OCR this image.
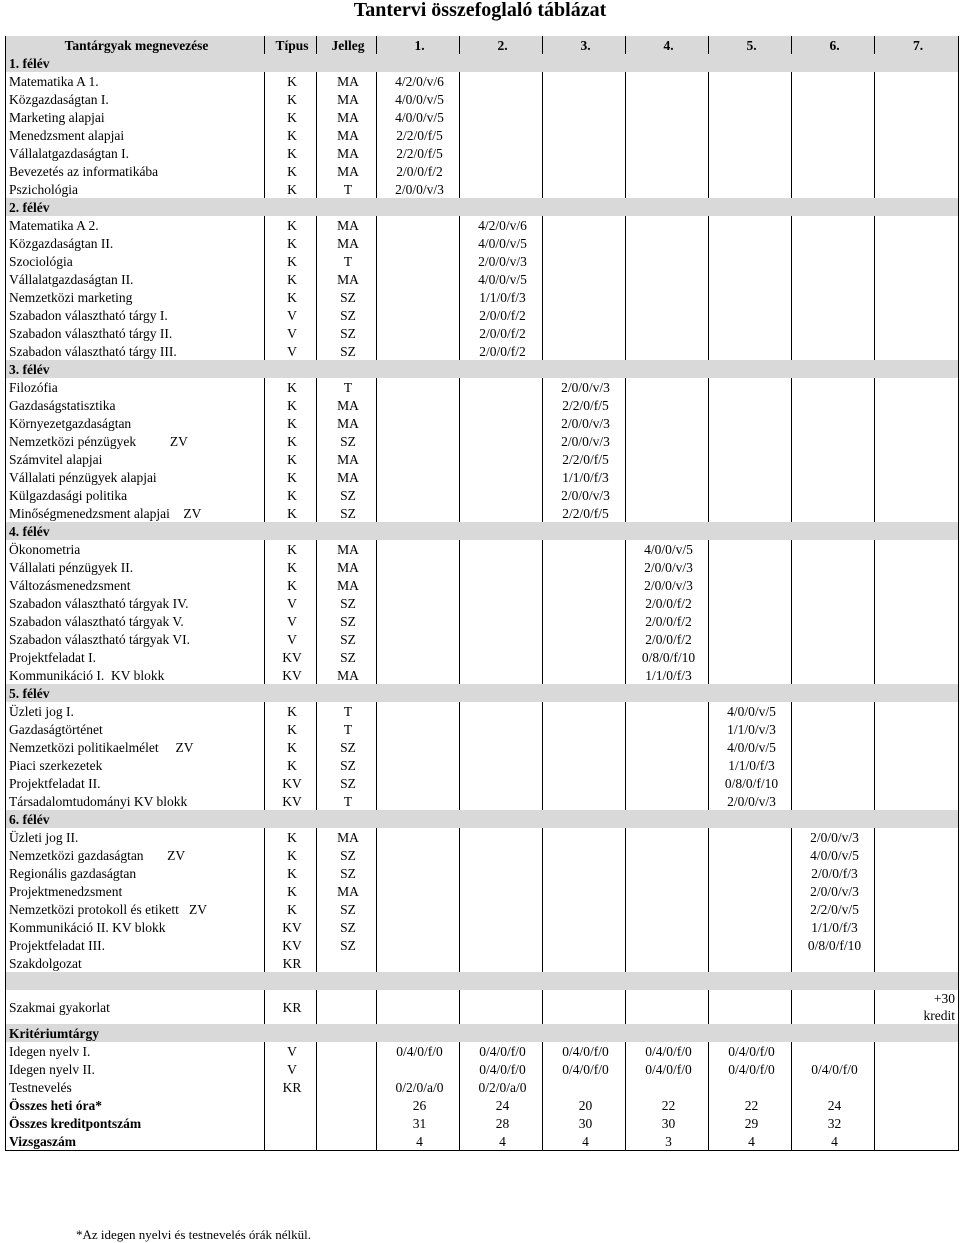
Tantervi összefoglaló táblázat
Tantárgyak megnevezése	Típus	Jelleg	1.	2.	3.	4.	5.	6.	7.
1. félév									
Matematika A 1.	K	MA	4/2/0/v/6						
Közgazdaságtan I.	K	MA	4/0/0/v/5						
Marketing alapjai	K	MA	4/0/0/v/5						
Menedzsment alapjai	K	MA	2/2/0/f/5						
Vállalatgazdaságtan I.	K	MA	2/2/0/f/5						
Bevezetés az informatikába	K	MA	2/0/0/f/2						
Pszichológia	K	T	2/0/0/v/3						
2. félév									
Matematika A 2.	K	MA		4/2/0/v/6					
Közgazdaságtan II.	K	MA		4/0/0/v/5					
Szociológia	K	T		2/0/0/v/3					
Vállalatgazdaságtan II.	K	MA		4/0/0/v/5					
Nemzetközi marketing	K	SZ		1/1/0/f/3					
Szabadon választható tárgy I.	V	SZ		2/0/0/f/2					
Szabadon választható tárgy II.	V	SZ		2/0/0/f/2					
Szabadon választható tárgy III.	V	SZ		2/0/0/f/2					
3. félév									
Filozófia	K	T			2/0/0/v/3				
Gazdaságstatisztika	K	MA			2/2/0/f/5				
Környezetgazdaságtan	K	MA			2/0/0/v/3				
Nemzetközi pénzügyek          ZV	K	SZ			2/0/0/v/3				
Számvitel alapjai	K	MA			2/2/0/f/5				
Vállalati pénzügyek alapjai	K	MA			1/1/0/f/3				
Külgazdasági politika	K	SZ			2/0/0/v/3				
Minőségmenedzsment alapjai    ZV	K	SZ			2/2/0/f/5				
4. félév									
Ökonometria	K	MA				4/0/0/v/5			
Vállalati pénzügyek II.	K	MA				2/0/0/v/3			
Változásmenedzsment	K	MA				2/0/0/v/3			
Szabadon választható tárgyak IV.	V	SZ				2/0/0/f/2			
Szabadon választható tárgyak V.	V	SZ				2/0/0/f/2			
Szabadon választható tárgyak VI.	V	SZ				2/0/0/f/2			
Projektfeladat I.	KV	SZ				0/8/0/f/10			
Kommunikáció I.  KV blokk	KV	MA				1/1/0/f/3			
5. félév									
Üzleti jog I.	K	T					4/0/0/v/5		
Gazdaságtörténet	K	T					1/1/0/v/3		
Nemzetközi politikaelmélet     ZV	K	SZ					4/0/0/v/5		
Piaci szerkezetek	K	SZ					1/1/0/f/3		
Projektfeladat II.	KV	SZ					0/8/0/f/10		
Társadalomtudományi KV blokk	KV	T					2/0/0/v/3		
6. félév									
Üzleti jog II.	K	MA						2/0/0/v/3	
Nemzetközi gazdaságtan       ZV	K	SZ						4/0/0/v/5	
Regionális gazdaságtan	K	SZ						2/0/0/f/3	
Projektmenedzsment	K	MA						2/0/0/v/3	
Nemzetközi protokoll és etikett   ZV	K	SZ						2/2/0/v/5	
Kommunikáció II. KV blokk	KV	SZ						1/1/0/f/3	
Projektfeladat III.	KV	SZ						0/8/0/f/10	
Szakdolgozat	KR								

Szakmai gyakorlat	KR								+30 kredit
Kritériumtárgy									
Idegen nyelv I.	V		0/4/0/f/0	0/4/0/f/0	0/4/0/f/0	0/4/0/f/0	0/4/0/f/0		
Idegen nyelv II.	V			0/4/0/f/0	0/4/0/f/0	0/4/0/f/0	0/4/0/f/0	0/4/0/f/0	
Testnevelés	KR		0/2/0/a/0	0/2/0/a/0					
Összes heti óra*			26	24	20	22	22	24	
Összes kreditpontszám			31	28	30	30	29	32	
Vizsgaszám			4	4	4	3	4	4	
*Az idegen nyelvi és testnevelés órák nélkül.
